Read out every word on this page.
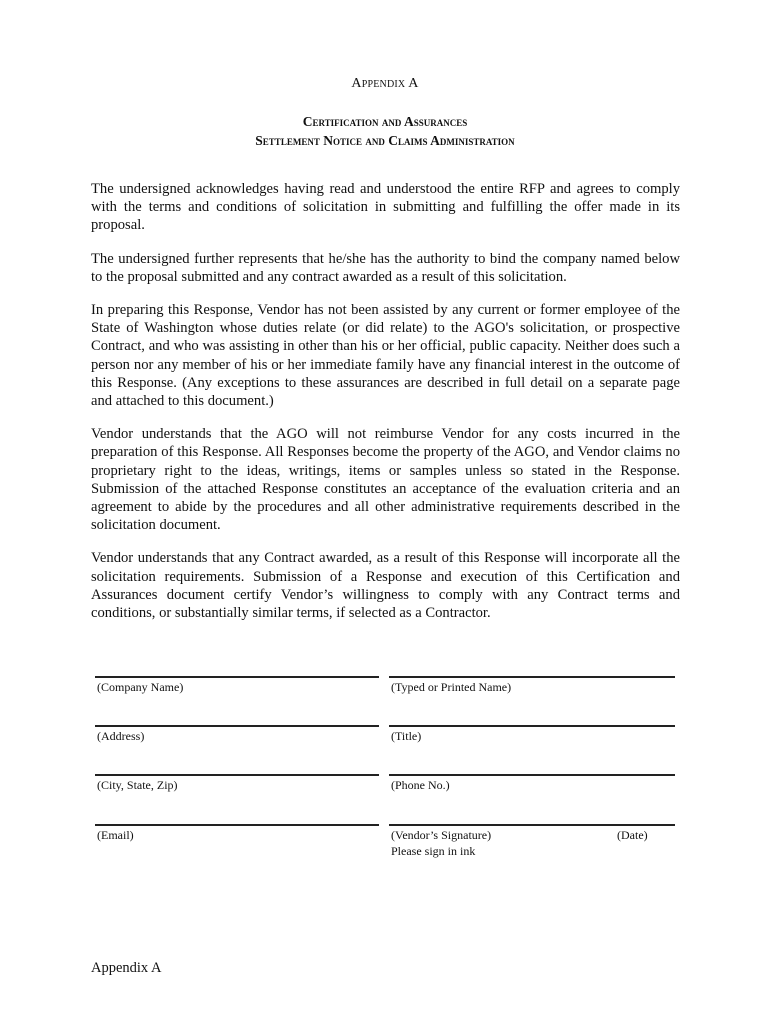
Appendix A
Certification and Assurances
Settlement Notice and Claims Administration

The undersigned acknowledges having read and understood the entire RFP and agrees to comply with the terms and conditions of solicitation in submitting and fulfilling the offer made in its proposal.

The undersigned further represents that he/she has the authority to bind the company named below to the proposal submitted and any contract awarded as a result of this solicitation.

In preparing this Response, Vendor has not been assisted by any current or former employee of the State of Washington whose duties relate (or did relate) to the AGO's solicitation, or prospective Contract, and who was assisting in other than his or her official, public capacity. Neither does such a person nor any member of his or her immediate family have any financial interest in the outcome of this Response. (Any exceptions to these assurances are described in full detail on a separate page and attached to this document.)

Vendor understands that the AGO will not reimburse Vendor for any costs incurred in the preparation of this Response. All Responses become the property of the AGO, and Vendor claims no proprietary right to the ideas, writings, items or samples unless so stated in the Response. Submission of the attached Response constitutes an acceptance of the evaluation criteria and an agreement to abide by the procedures and all other administrative requirements described in the solicitation document.

Vendor understands that any Contract awarded, as a result of this Response will incorporate all the solicitation requirements. Submission of a Response and execution of this Certification and Assurances document certify Vendor’s willingness to comply with any Contract terms and conditions, or substantially similar terms, if selected as a Contractor.

(Company Name)	(Typed or Printed Name)
(Address)	(Title)
(City, State, Zip)	(Phone No.)
(Email)	(Vendor’s Signature)	(Date)
Please sign in ink
Appendix A
